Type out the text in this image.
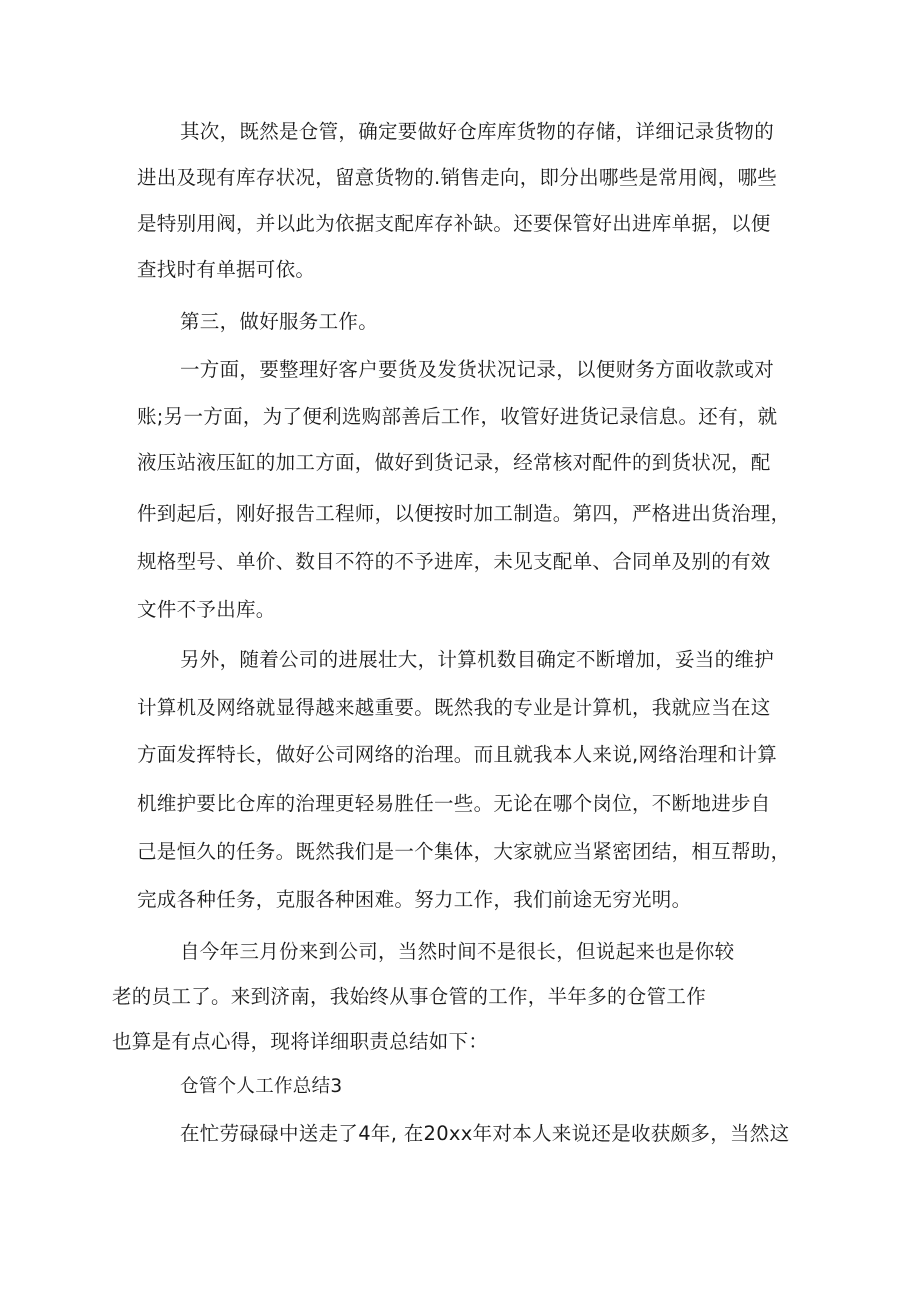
其次，既然是仓管，确定要做好仓库库货物的存储，详细记录货物的
进出及现有库存状况，留意货物的.销售走向，即分出哪些是常用阀，哪些
是特别用阀，并以此为依据支配库存补缺。还要保管好出进库单据，以便
查找时有单据可依。
第三，做好服务工作。
一方面，要整理好客户要货及发货状况记录，以便财务方面收款或对
账;另一方面，为了便利选购部善后工作，收管好进货记录信息。还有，就
液压站液压缸的加工方面，做好到货记录，经常核对配件的到货状况，配
件到起后，刚好报告工程师，以便按时加工制造。第四，严格进出货治理，
规格型号、单价、数目不符的不予进库，未见支配单、合同单及别的有效
文件不予出库。
另外，随着公司的进展壮大，计算机数目确定不断增加，妥当的维护
计算机及网络就显得越来越重要。既然我的专业是计算机，我就应当在这
方面发挥特长，做好公司网络的治理。而且就我本人来说,网络治理和计算
机维护要比仓库的治理更轻易胜任一些。无论在哪个岗位，不断地进步自
己是恒久的任务。既然我们是一个集体，大家就应当紧密团结，相互帮助，
完成各种任务，克服各种困难。努力工作，我们前途无穷光明。
自今年三月份来到公司，当然时间不是很长，但说起来也是你较
老的员工了。来到济南，我始终从事仓管的工作，半年多的仓管工作
也算是有点心得，现将详细职责总结如下：
仓管个人工作总结3
在忙劳碌碌中送走了4年, 在20xx年对本人来说还是收获颇多，当然这
